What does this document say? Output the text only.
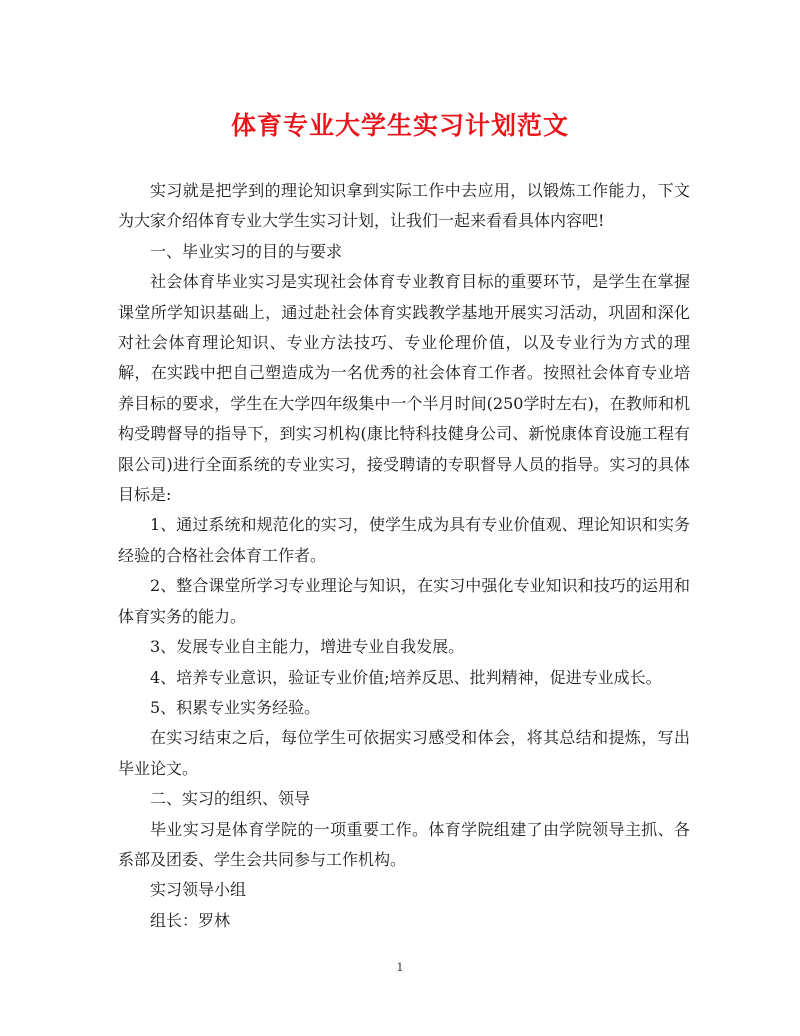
体育专业大学生实习计划范文

实习就是把学到的理论知识拿到实际工作中去应用，以锻炼工作能力，下文为大家介绍体育专业大学生实习计划，让我们一起来看看具体内容吧!

一、毕业实习的目的与要求

社会体育毕业实习是实现社会体育专业教育目标的重要环节，是学生在掌握课堂所学知识基础上，通过赴社会体育实践教学基地开展实习活动，巩固和深化对社会体育理论知识、专业方法技巧、专业伦理价值，以及专业行为方式的理解，在实践中把自己塑造成为一名优秀的社会体育工作者。按照社会体育专业培养目标的要求，学生在大学四年级集中一个半月时间(250学时左右)，在教师和机构受聘督导的指导下，到实习机构(康比特科技健身公司、新悦康体育设施工程有限公司)进行全面系统的专业实习，接受聘请的专职督导人员的指导。实习的具体目标是:

1、通过系统和规范化的实习，使学生成为具有专业价值观、理论知识和实务经验的合格社会体育工作者。

2、整合课堂所学习专业理论与知识，在实习中强化专业知识和技巧的运用和体育实务的能力。

3、发展专业自主能力，增进专业自我发展。

4、培养专业意识，验证专业价值;培养反思、批判精神，促进专业成长。

5、积累专业实务经验。

在实习结束之后，每位学生可依据实习感受和体会，将其总结和提炼，写出毕业论文。

二、实习的组织、领导

毕业实习是体育学院的一项重要工作。体育学院组建了由学院领导主抓、各系部及团委、学生会共同参与工作机构。

实习领导小组

组长：罗林

1
